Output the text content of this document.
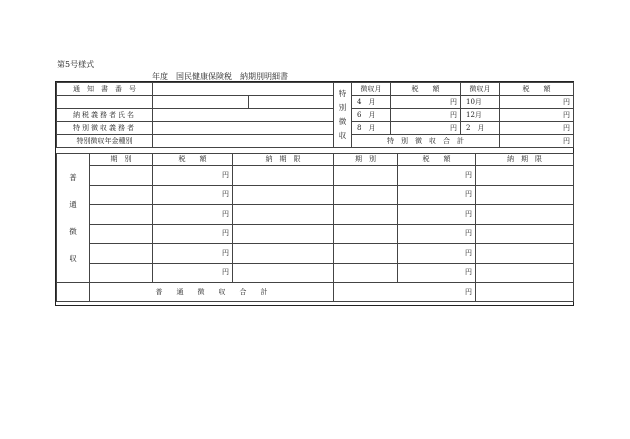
第5号様式
年度　国民健康保険税　納期別明細書
通　知　書　番　号			特
別
徴
収	徴収月	税　　額	徴収月	税　　額
				4　月	円	10月	円
納税義務者氏名				6　月	円	12月	円
特別徴収義務者				8　月	円	2　月	円
特別徴収年金種別				特　別　徴　収　合　計			円
普
通
徴
収	期　別	税　　額	納　期　限	期　別	税　　額	納　期　限
		円			円	
		円			円	
		円			円	
		円			円	
		円			円	
		円			円	
	普　　通　　徴　　収　　合　　計			円		
